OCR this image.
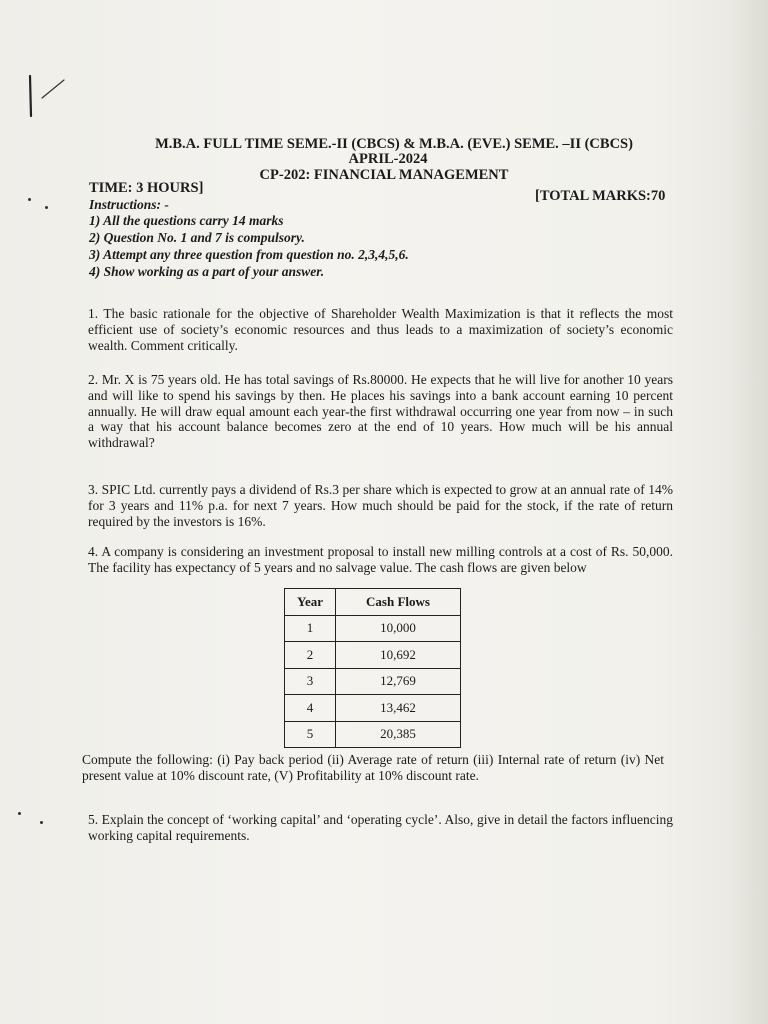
M.B.A. FULL TIME SEME.-II (CBCS) & M.B.A. (EVE.) SEME. –II (CBCS)
APRIL-2024
CP-202: FINANCIAL MANAGEMENT
TIME: 3 HOURS]	[TOTAL MARKS:70
Instructions: -
1) All the questions carry 14 marks
2) Question No. 1 and 7 is compulsory.
3) Attempt any three question from question no. 2,3,4,5,6.
4) Show working as a part of your answer.
1. The basic rationale for the objective of Shareholder Wealth Maximization is that it reflects the most efficient use of society’s economic resources and thus leads to a maximization of society’s economic wealth. Comment critically.
2. Mr. X is 75 years old. He has total savings of Rs.80000. He expects that he will live for another 10 years and will like to spend his savings by then. He places his savings into a bank account earning 10 percent annually. He will draw equal amount each year-the first withdrawal occurring one year from now – in such a way that his account balance becomes zero at the end of 10 years. How much will be his annual withdrawal?
3. SPIC Ltd. currently pays a dividend of Rs.3 per share which is expected to grow at an annual rate of 14% for 3 years and 11% p.a. for next 7 years. How much should be paid for the stock, if the rate of return required by the investors is 16%.
4. A company is considering an investment proposal to install new milling controls at a cost of Rs. 50,000. The facility has expectancy of 5 years and no salvage value. The cash flows are given below
Year	Cash Flows
1	10,000
2	10,692
3	12,769
4	13,462
5	20,385
Compute the following: (i) Pay back period (ii) Average rate of return (iii) Internal rate of return (iv) Net present value at 10% discount rate, (V) Profitability at 10% discount rate.
5. Explain the concept of ‘working capital’ and ‘operating cycle’. Also, give in detail the factors influencing working capital requirements.
